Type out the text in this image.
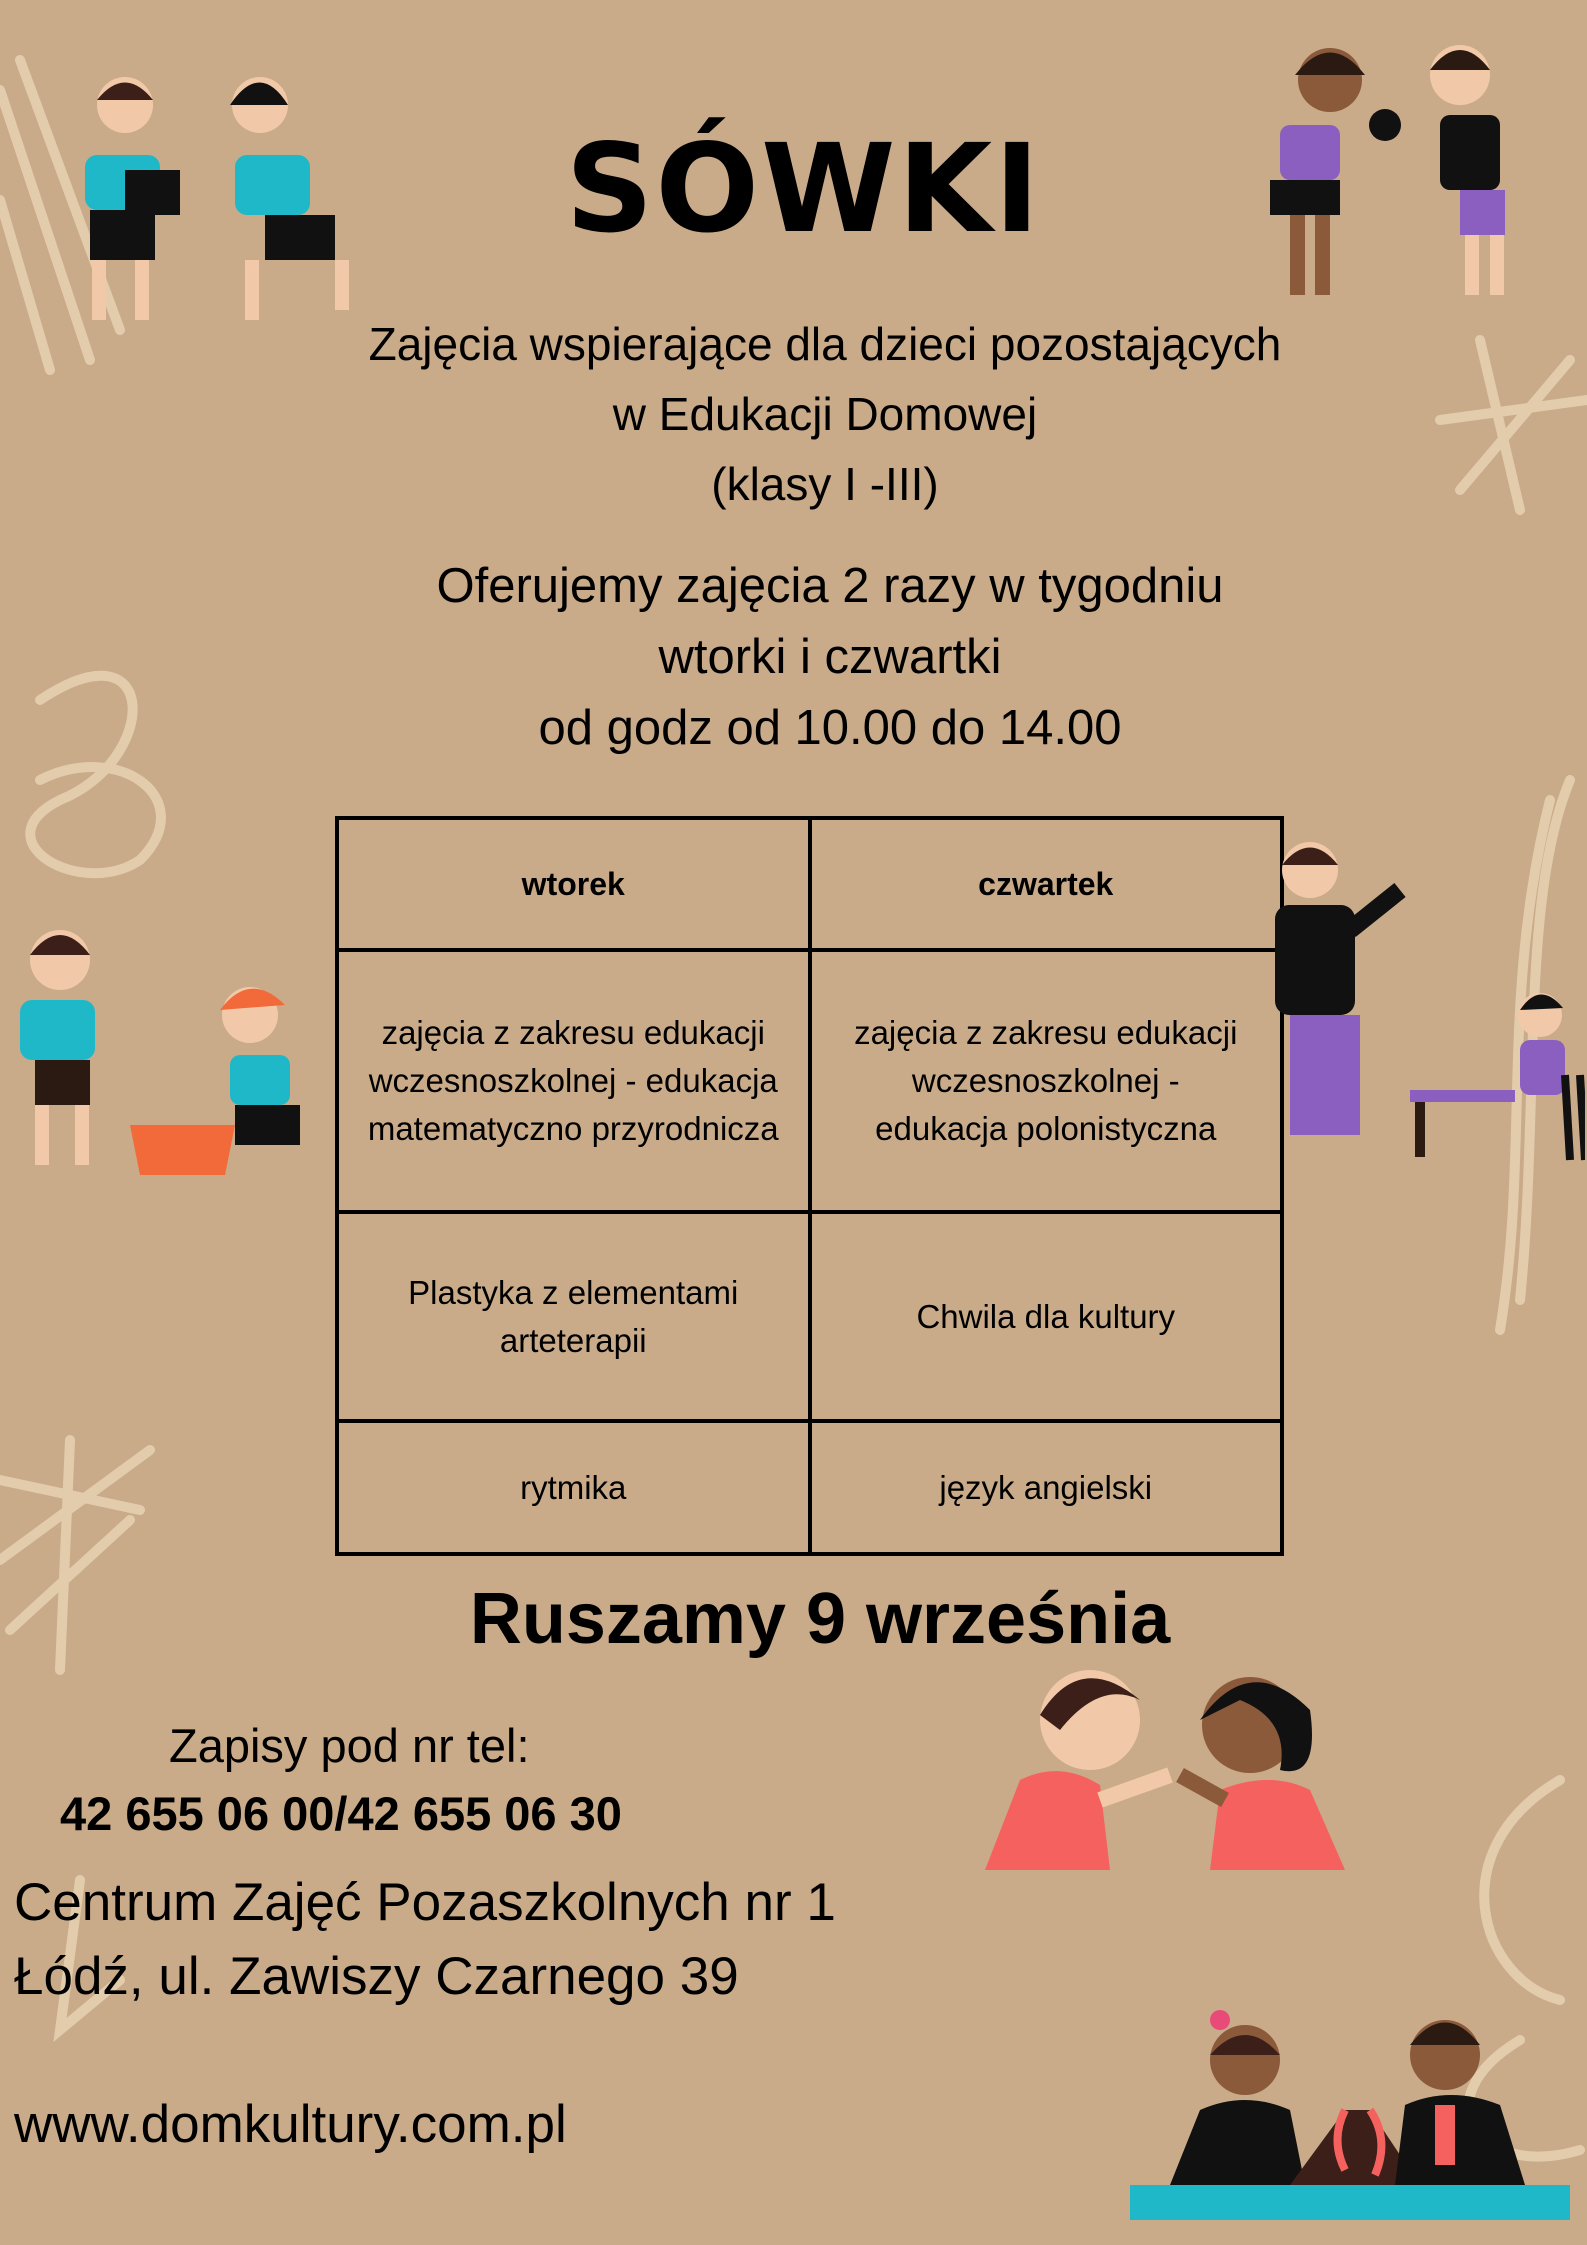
SÓWKI
Zajęcia wspierające dla dzieci pozostających
w Edukacji Domowej
(klasy I -III)
Oferujemy zajęcia 2 razy w tygodniu
wtorki i czwartki
od godz od 10.00 do 14.00
wtorek	czwartek
zajęcia z zakresu edukacji wczesnoszkolnej - edukacja matematyczno przyrodnicza	zajęcia z zakresu edukacji wczesnoszkolnej - edukacja polonistyczna
Plastyka z elementami arteterapii	Chwila dla kultury
rytmika	język angielski
Ruszamy 9 września
Zapisy pod nr tel:
42 655 06 00/42 655 06 30
Centrum Zajęć Pozaszkolnych nr 1
Łódź, ul. Zawiszy Czarnego 39
www.domkultury.com.pl
